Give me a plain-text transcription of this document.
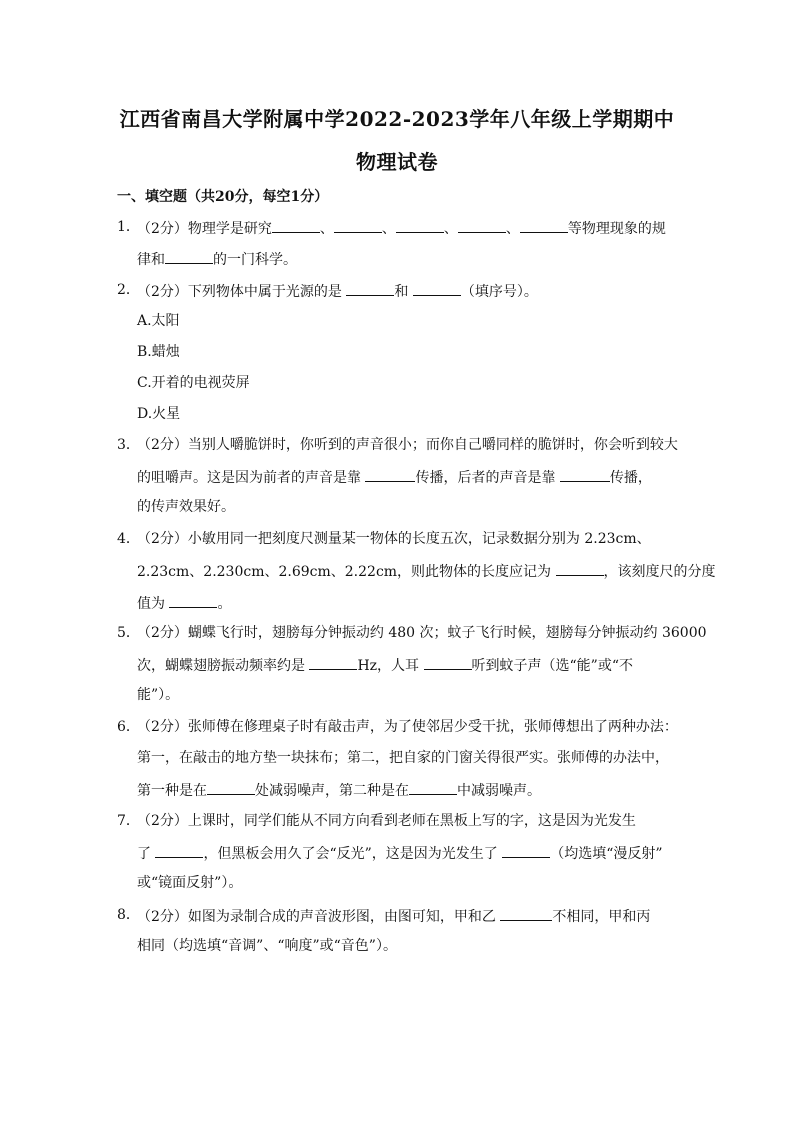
江西省南昌大学附属中学2022-2023学年八年级上学期期中
物理试卷
一、填空题（共20分，每空1分）
1．
（2分）物理学是研究	、	、	、	、	等物理现象的规
律和	的一门科学。
2．
（2分）下列物体中属于光源的是	和	（填序号）。
A.太阳
B.蜡烛
C.开着的电视荧屏
D.火星
3．
（2分）当别人嚼脆饼时，你听到的声音很小；而你自己嚼同样的脆饼时，你会听到较大
的咀嚼声。这是因为前者的声音是靠	传播，后者的声音是靠	传播，
的传声效果好。
4．
（2分）小敏用同一把刻度尺测量某一物体的长度五次，记录数据分别为 2.23cm、
2.23cm、2.230cm、2.69cm、2.22cm，则此物体的长度应记为	，该刻度尺的分度
值为	。
5．
（2分）蝴蝶飞行时，翅膀每分钟振动约 480 次；蚊子飞行时候，翅膀每分钟振动约 36000
次，蝴蝶翅膀振动频率约是	Hz，人耳	听到蚊子声（选“能”或“不
能”）。
6．
（2分）张师傅在修理桌子时有敲击声，为了使邻居少受干扰，张师傅想出了两种办法：
第一，在敲击的地方垫一块抹布；第二，把自家的门窗关得很严实。张师傅的办法中，
第一种是在	处减弱噪声，第二种是在	中减弱噪声。
7．
（2分）上课时，同学们能从不同方向看到老师在黑板上写的字，这是因为光发生
了	，但黑板会用久了会“反光”，这是因为光发生了	（均选填“漫反射”
或“镜面反射”）。
8．
（2分）如图为录制合成的声音波形图，由图可知，甲和乙	不相同，甲和丙
相同（均选填“音调”、“响度”或“音色”）。
